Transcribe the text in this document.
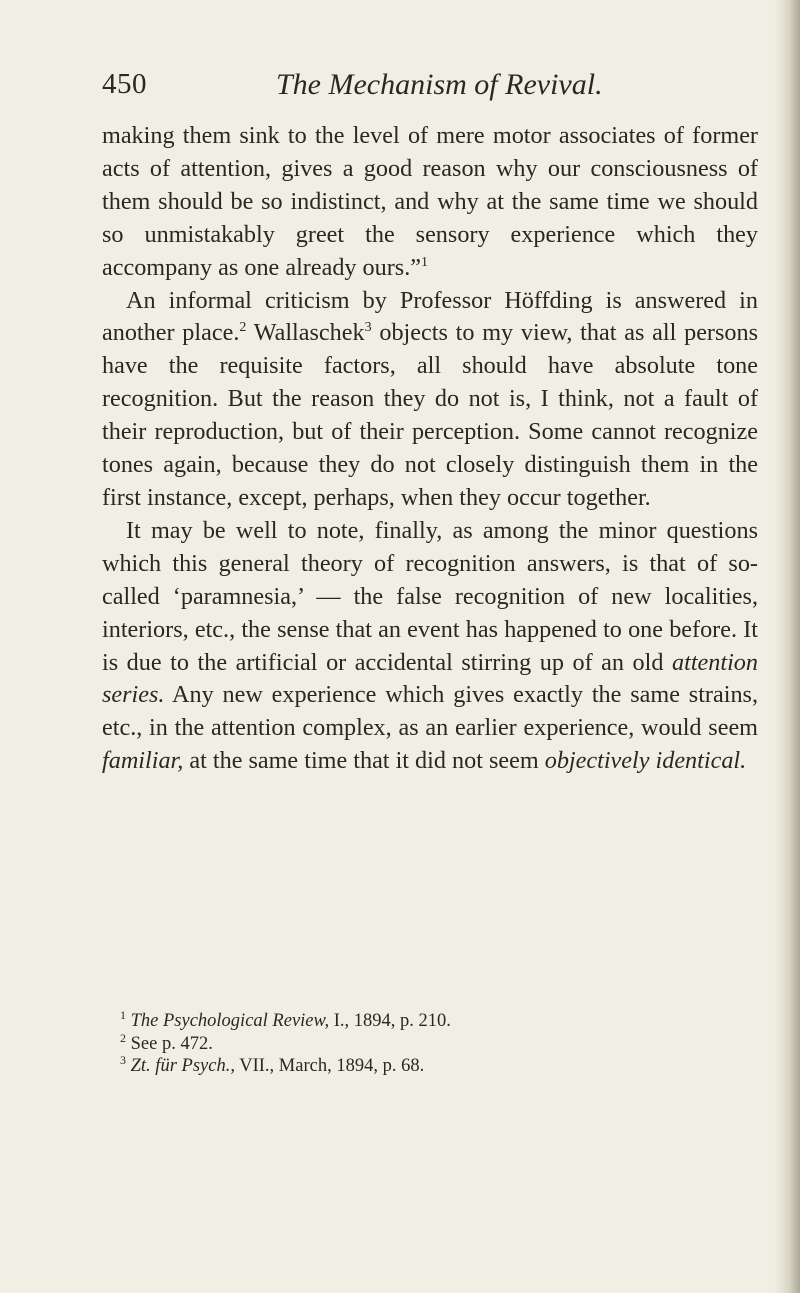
450	The Mechanism of Revival.

making them sink to the level of mere motor associates of former acts of attention, gives a good reason why our consciousness of them should be so indistinct, and why at the same time we should so unmistakably greet the sensory experience which they accompany as one already ours.”$^1$

An informal criticism by Professor Höffding is answered in another place.$^2$ Wallaschek$^3$ objects to my view, that as all persons have the requisite factors, all should have absolute tone recognition. But the reason they do not is, I think, not a fault of their reproduction, but of their perception. Some cannot recognize tones again, because they do not closely distinguish them in the first instance, except, perhaps, when they occur together.

It may be well to note, finally, as among the minor questions which this general theory of recognition answers, is that of so-called ‘paramnesia,’ — the false recognition of new localities, interiors, etc., the sense that an event has happened to one before. It is due to the artificial or accidental stirring up of an old attention series. Any new experience which gives exactly the same strains, etc., in the attention complex, as an earlier experience, would seem familiar, at the same time that it did not seem objectively identical.

$^1$ The Psychological Review, I., 1894, p. 210.

$^2$ See p. 472.

$^3$ Zt. für Psych., VII., March, 1894, p. 68.
